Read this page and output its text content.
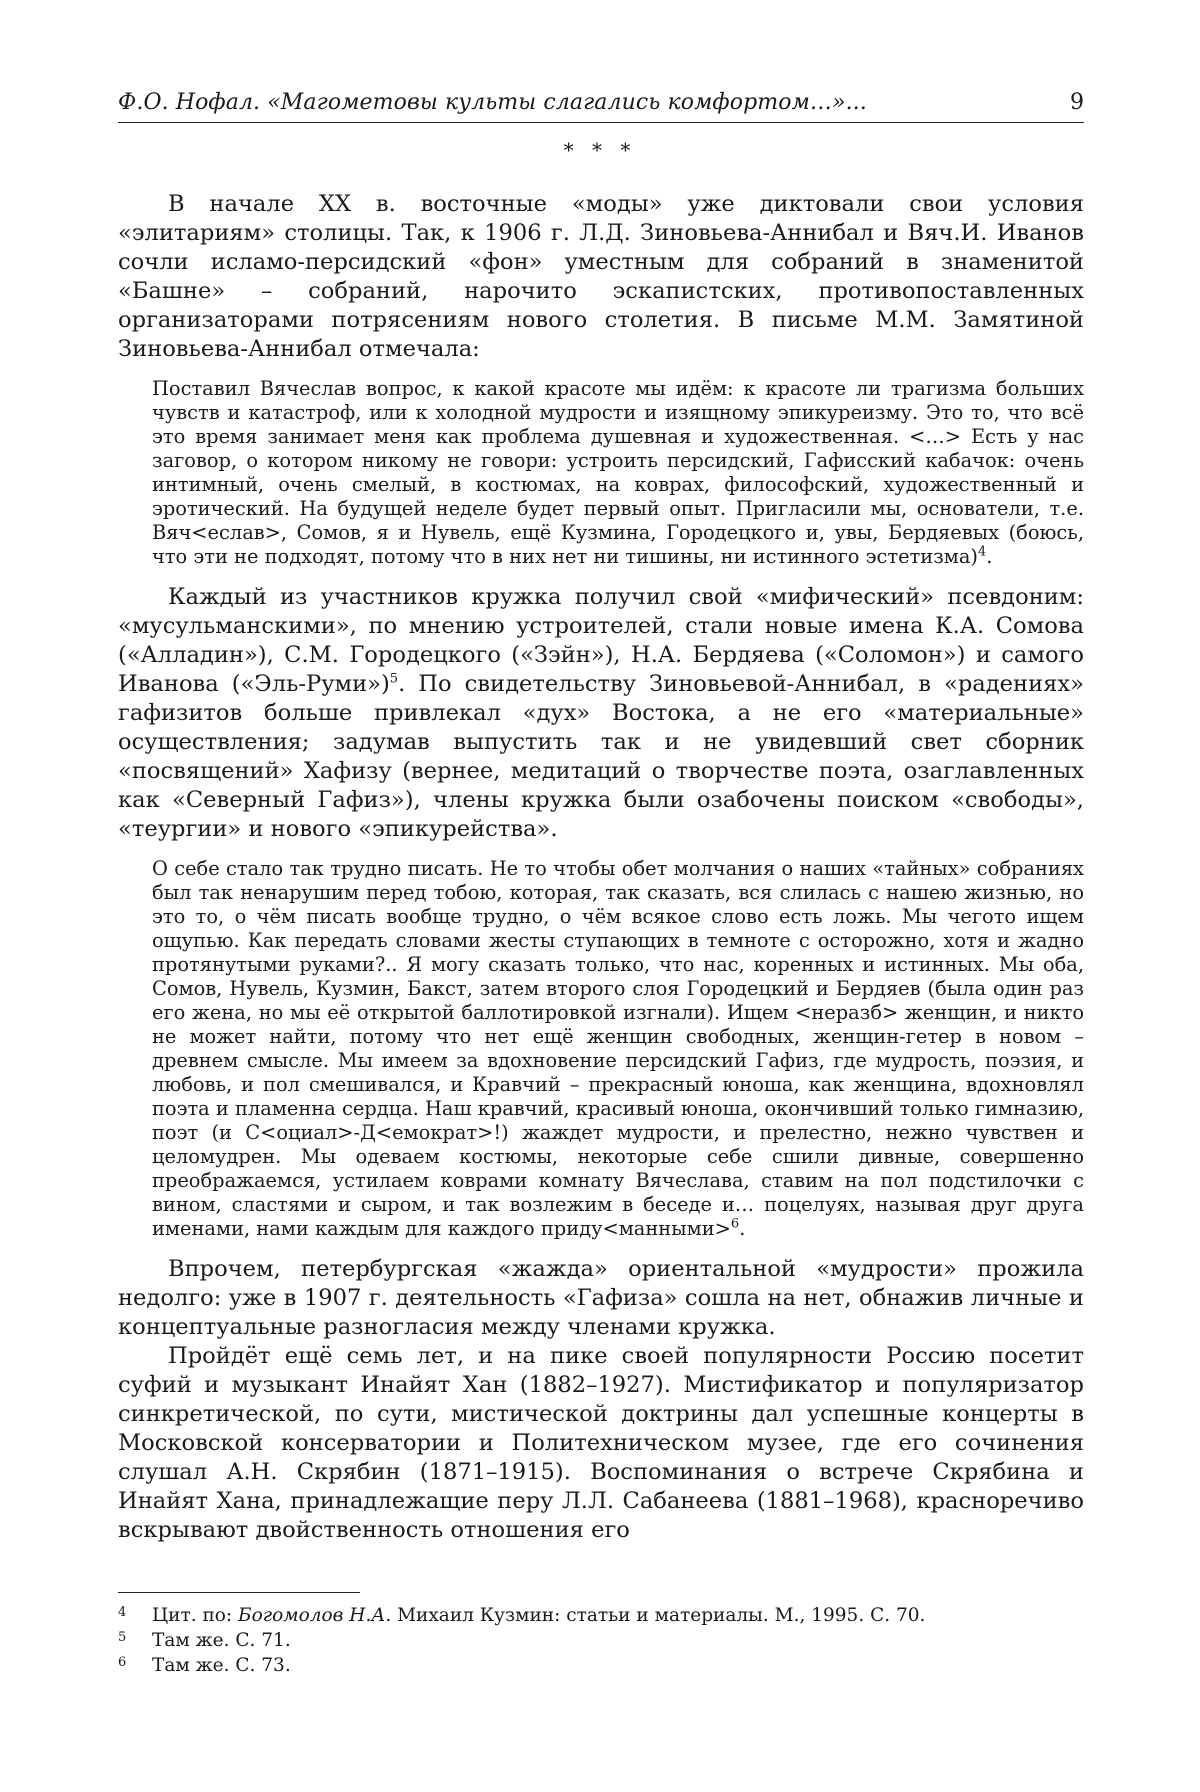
Ф.О. Нофал. «Магометовы культы слагались комфортом…»...	9
* * *

В начале XX в. восточные «моды» уже диктовали свои условия «элитариям» столицы. Так, к 1906 г. Л.Д. Зиновьева-Аннибал и Вяч.И. Иванов сочли исламо-персидский «фон» уместным для собраний в знаменитой «Башне» – собраний, нарочито эскапистских, противопоставленных организаторами потрясениям нового столетия. В письме М.М. Замятиной Зиновьева-Аннибал отмечала:

Поставил Вячеслав вопрос, к какой красоте мы идём: к красоте ли трагизма больших чувств и катастроф, или к холодной мудрости и изящному эпикуреизму. Это то, что всё это время занимает меня как проблема душевная и художественная. <…> Есть у нас заговор, о котором никому не говори: устроить персидский, Гафисский кабачок: очень интимный, очень смелый, в костюмах, на коврах, философский, художественный и эротический. На будущей неделе будет первый опыт. Пригласили мы, основатели, т.е. Вяч<еслав>, Сомов, я и Нувель, ещё Кузмина, Городецкого и, увы, Бердяевых (боюсь, что эти не подходят, потому что в них нет ни тишины, ни истинного эстетизма)$^4$.

Каждый из участников кружка получил свой «мифический» псевдоним: «мусульманскими», по мнению устроителей, стали новые имена К.А. Сомова («Алладин»), С.М. Городецкого («Зэйн»), Н.А. Бердяева («Соломон») и самого Иванова («Эль-Руми»)$^5$. По свидетельству Зиновьевой-Аннибал, в «радениях» гафизитов больше привлекал «дух» Востока, а не его «материальные» осуществления; задумав выпустить так и не увидевший свет сборник «посвящений» Хафизу (вернее, медитаций о творчестве поэта, озаглавленных как «Северный Гафиз»), члены кружка были озабочены поиском «свободы», «теургии» и нового «эпикурейства».

О себе стало так трудно писать. Не то чтобы обет молчания о наших «тайных» собраниях был так ненарушим перед тобою, которая, так сказать, вся слилась с нашею жизнью, но это то, о чём писать вообще трудно, о чём всякое слово есть ложь. Мы чегото ищем ощупью. Как передать словами жесты ступающих в темноте с осторожно, хотя и жадно протянутыми руками?.. Я могу сказать только, что нас, коренных и истинных. Мы оба, Сомов, Нувель, Кузмин, Бакст, затем второго слоя Городецкий и Бердяев (была один раз его жена, но мы её открытой баллотировкой изгнали). Ищем <неразб> женщин, и никто не может найти, потому что нет ещё женщин свободных, женщин-гетер в новом – древнем смысле. Мы имеем за вдохновение персидский Гафиз, где мудрость, поэзия, и любовь, и пол смешивался, и Кравчий – прекрасный юноша, как женщина, вдохновлял поэта и пламенна сердца. Наш кравчий, красивый юноша, окончивший только гимназию, поэт (и С<оциал>-Д<емократ>!) жаждет мудрости, и прелестно, нежно чувствен и целомудрен. Мы одеваем костюмы, некоторые себе сшили дивные, совершенно преображаемся, устилаем коврами комнату Вячеслава, ставим на пол подстилочки с вином, сластями и сыром, и так возлежим в беседе и… поцелуях, называя друг друга именами, нами каждым для каждого приду<манными>$^6$.

Впрочем, петербургская «жажда» ориентальной «мудрости» прожила недолго: уже в 1907 г. деятельность «Гафиза» сошла на нет, обнажив личные и концептуальные разногласия между членами кружка.

Пройдёт ещё семь лет, и на пике своей популярности Россию посетит суфий и музыкант Инайят Хан (1882–1927). Мистификатор и популяризатор синкретической, по сути, мистической доктрины дал успешные концерты в Московской консерватории и Политехническом музее, где его сочинения слушал А.Н. Скрябин (1871–1915). Воспоминания о встрече Скрябина и Инайят Хана, принадлежащие перу Л.Л. Сабанеева (1881–1968), красноречиво вскрывают двойственность отношения его

4 Цит. по: Богомолов Н.А. Михаил Кузмин: статьи и материалы. М., 1995. С. 70.
5 Там же. С. 71.
6 Там же. С. 73.
